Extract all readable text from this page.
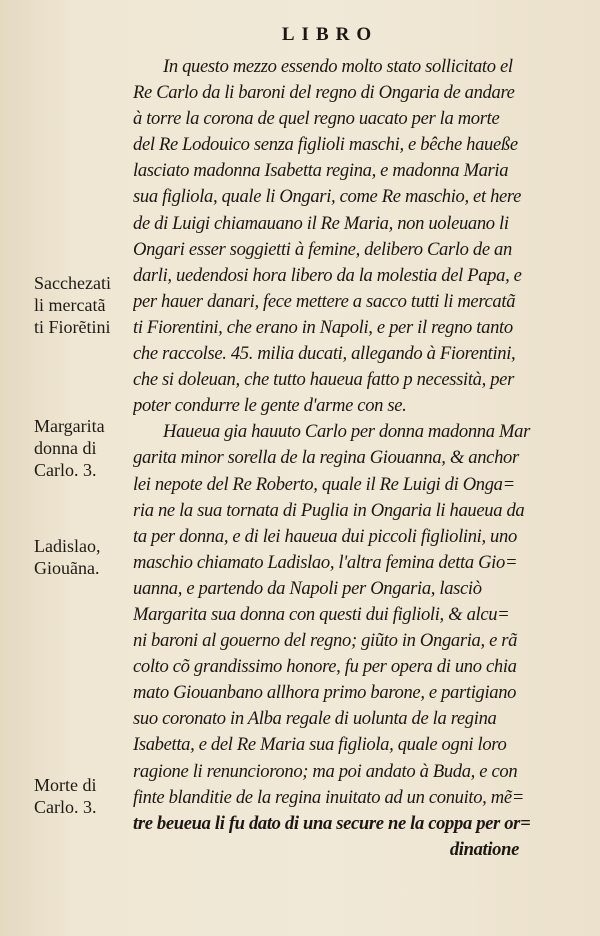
LIBRO
In questo mezzo essendo molto stato sollicitato el
Re Carlo da li baroni del regno di Ongaria de andare
à torre la corona de quel regno uacato per la morte
del Re Lodouico senza figlioli maschi, e bêche haueße
lasciato madonna Isabetta regina, e madonna Maria
sua figliola, quale li Ongari, come Re maschio, et here
de di Luigi chiamauano il Re Maria, non uoleuano li
Ongari esser soggietti à femine, delibero Carlo de an
darli, uedendosi hora libero da la molestia del Papa, e
per hauer danari, fece mettere a sacco tutti li mercatã
ti Fiorentini, che erano in Napoli, e per il regno tanto
che raccolse. 45. milia ducati, allegando à Fiorentini,
che si doleuan, che tutto haueua fatto p necessità, per
poter condurre le gente d'arme con se.
Haueua gia hauuto Carlo per donna madonna Mar
garita minor sorella de la regina Giouanna, & anchor
lei nepote del Re Roberto, quale il Re Luigi di Onga=
ria ne la sua tornata di Puglia in Ongaria li haueua da
ta per donna, e di lei haueua dui piccoli figliolini, uno
maschio chiamato Ladislao, l'altra femina detta Gio=
uanna, e partendo da Napoli per Ongaria, lasciò
Margarita sua donna con questi dui figlioli, & alcu=
ni baroni al gouerno del regno; giũto in Ongaria, e rã
colto cõ grandissimo honore, fu per opera di uno chia
mato Giouanbano allhora primo barone, e partigiano
suo coronato in Alba regale di uolunta de la regina
Isabetta, e del Re Maria sua figliola, quale ogni loro
ragione li renunciorono; ma poi andato à Buda, e con
finte blanditie de la regina inuitato ad un conuito, mẽ=
tre beueua li fu dato di una secure ne la coppa per or=
dinatione
Sacchezati
li mercatã
ti Fiorẽtini
Margarita
donna di
Carlo. 3.
Ladislao,
Giouãna.
Morte di
Carlo. 3.
